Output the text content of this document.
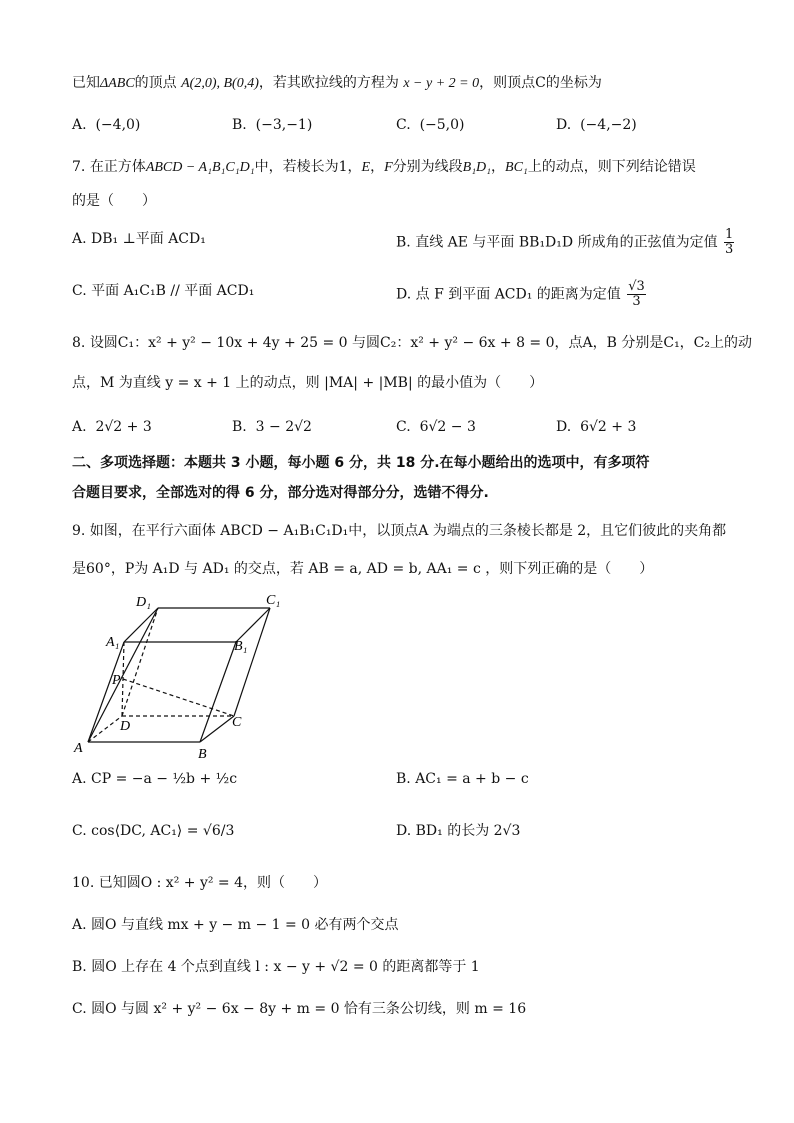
已知ΔABC的顶点 A(2,0), B(0,4)，若其欧拉线的方程为 x − y + 2 = 0，则顶点C的坐标为
A. (−4,0)	B. (−3,−1)	C. (−5,0)	D. (−4,−2)
7. 在正方体ABCD − A₁B₁C₁D₁中，若棱长为1，E，F分别为线段B₁D₁，BC₁上的动点，则下列结论错误
的是（　　）
A. DB₁ ⊥平面 ACD₁	B. 直线 AE 与平面 BB₁D₁D 所成角的正弦值为定值 $\frac{1}{3}$
C. 平面 A₁C₁B // 平面 ACD₁	D. 点 F 到平面 ACD₁ 的距离为定值 $\frac{√3}{3}$
8. 设圆C₁：x² + y² − 10x + 4y + 25 = 0 与圆C₂：x² + y² − 6x + 8 = 0，点A，B 分别是C₁，C₂上的动
点，M 为直线 y = x + 1 上的动点，则 |MA| + |MB| 的最小值为（　　）
A. 2√2 + 3	B. 3 − 2√2	C. 6√2 − 3	D. 6√2 + 3
二、多项选择题：本题共 3 小题，每小题 6 分，共 18 分.在每小题给出的选项中，有多项符
合题目要求，全部选对的得 6 分，部分选对得部分分，选错不得分.
9. 如图，在平行六面体 ABCD − A₁B₁C₁D₁中，以顶点A 为端点的三条棱长都是 2，且它们彼此的夹角都
是60°，P为 A₁D 与 AD₁ 的交点，若 AB = a, AD = b, AA₁ = c ，则下列正确的是（　　）
A	B
C
D
A₁	B₁
C₁
D₁
P
A. CP = −a − ½b + ½c	B. AC₁ = a + b − c
C. cos⟨DC, AC₁⟩ = √6/3	D. BD₁ 的长为 2√3
10. 已知圆O : x² + y² = 4，则（　　）
A. 圆O 与直线 mx + y − m − 1 = 0 必有两个交点
B. 圆O 上存在 4 个点到直线 l : x − y + √2 = 0 的距离都等于 1
C. 圆O 与圆 x² + y² − 6x − 8y + m = 0 恰有三条公切线，则 m = 16
